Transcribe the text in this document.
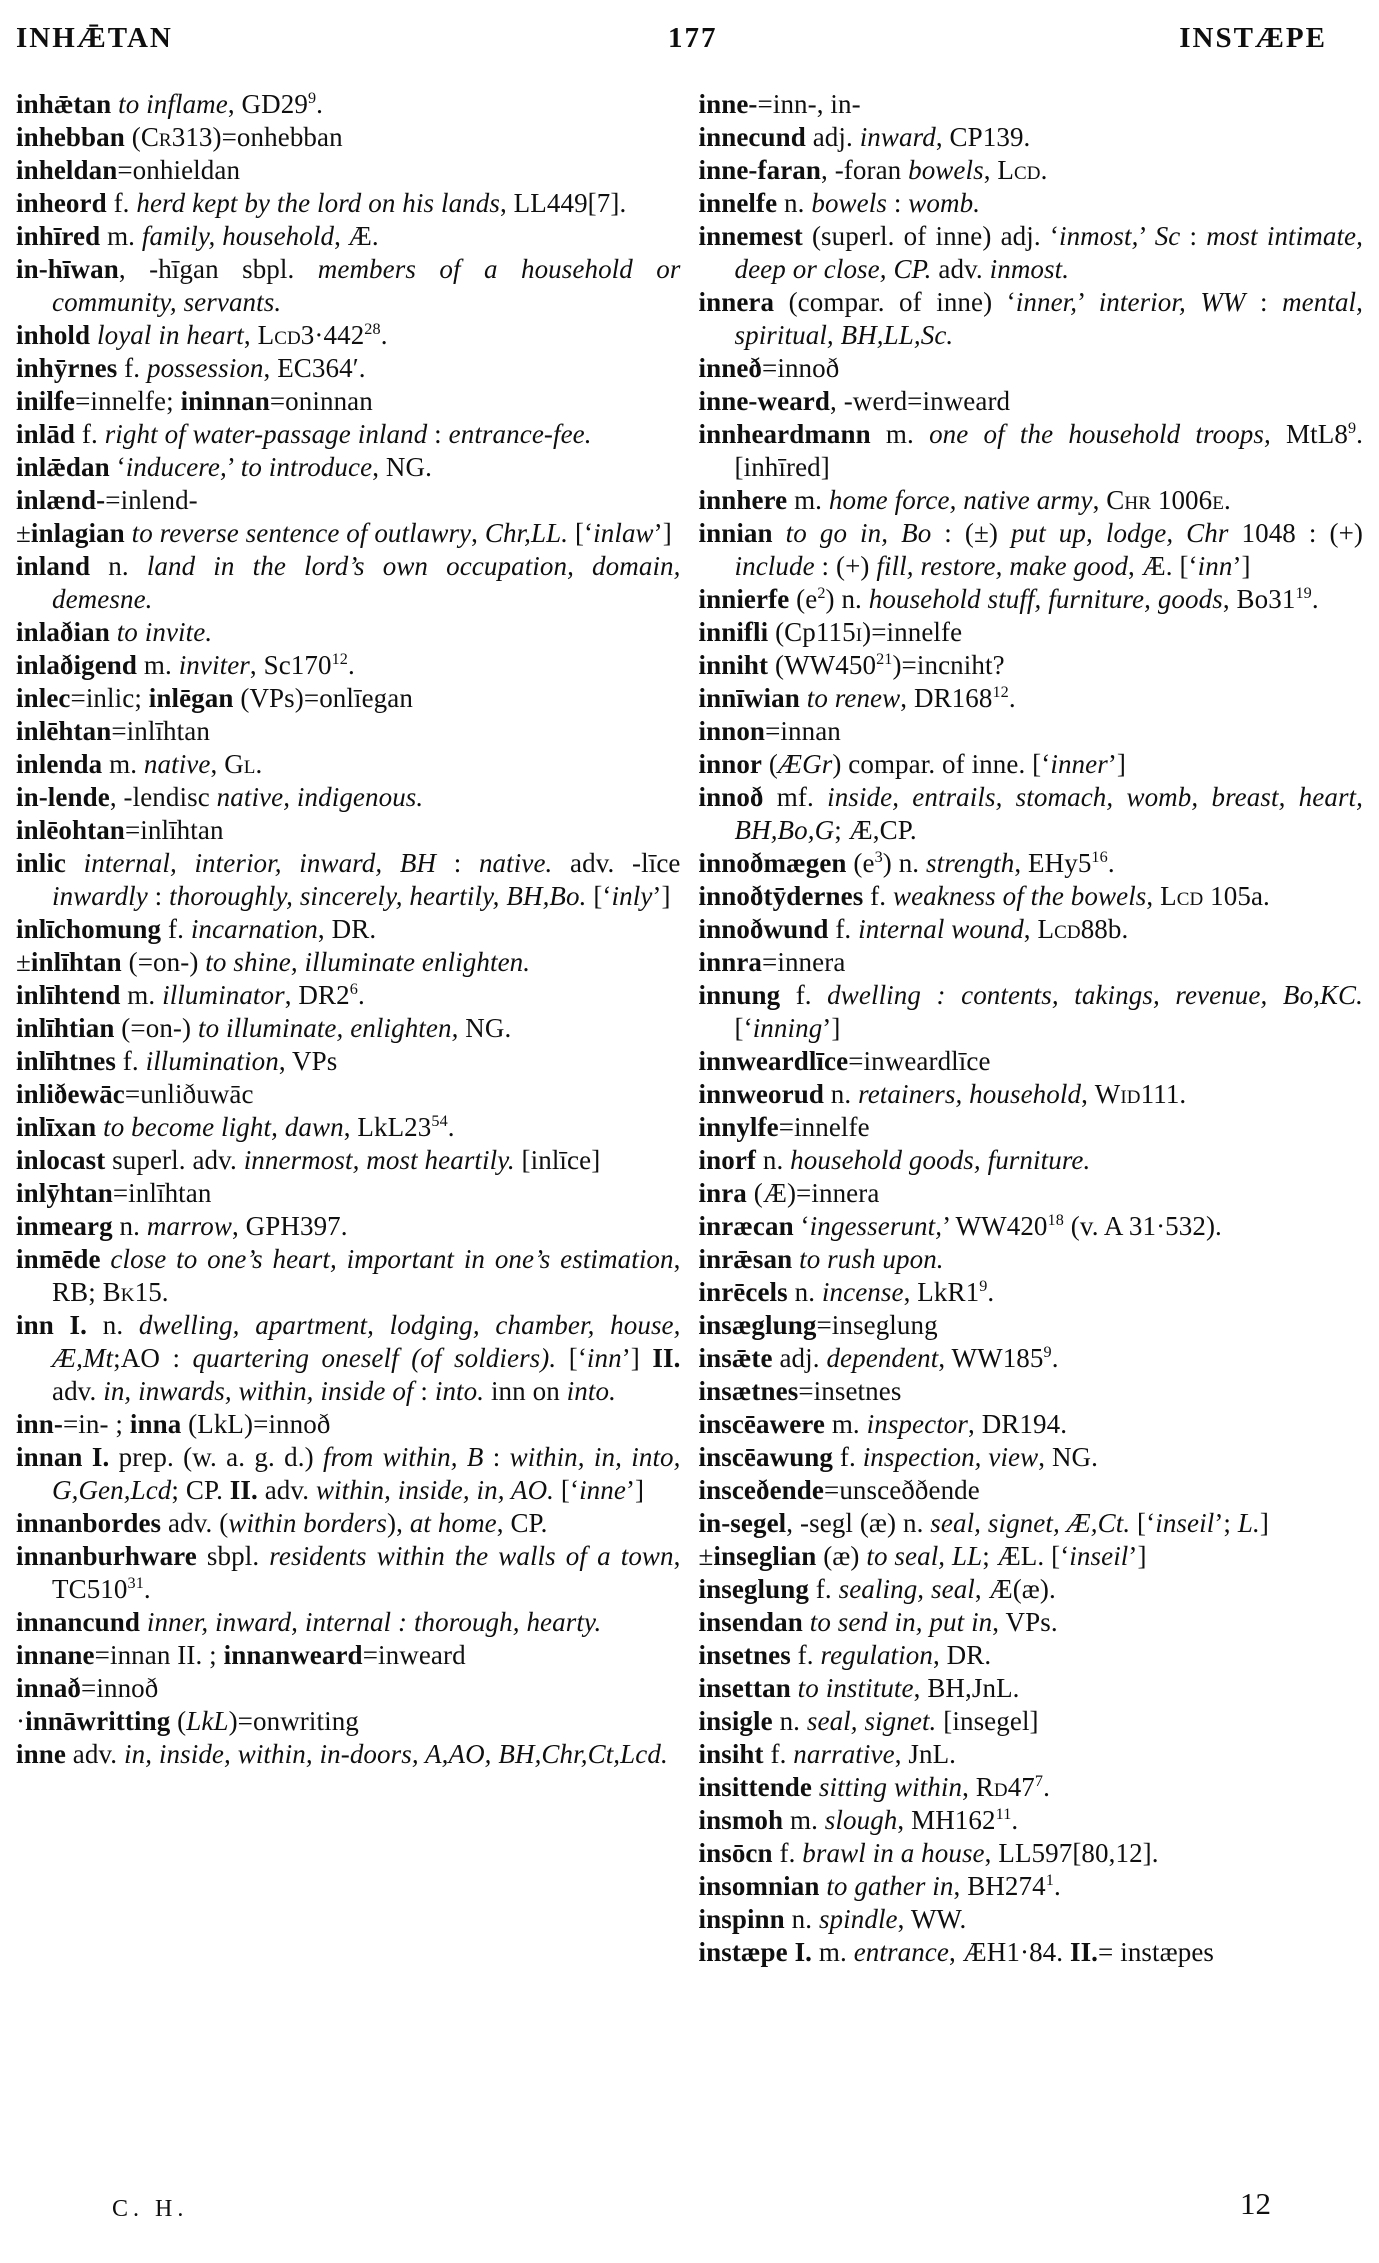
INHǢTAN	177	INSTÆPE

inhǣtan to inflame, $GD29^9$.

inhebban (Cr313)=onhebban

inheldan=onhieldan

inheord f. herd kept by the lord on his lands, LL449[7].

inhīred m. family, household, Æ.

in-hīwan, -hīgan sbpl. members of a household or community, servants.

inhold loyal in heart, $Lcd3\cdot 442^{28}$.

inhȳrnes f. possession, EC364′.

inilfe=innelfe; ininnan=oninnan

inlād f. right of water-passage inland : entrance-fee.

inlǣdan ‘inducere,’ to introduce, NG.

inlænd-=inlend-

±inlagian to reverse sentence of outlawry, Chr,LL. [‘inlaw’]

inland n. land in the lord’s own occupation, domain, demesne.

inlaðian to invite.

inlaðigend m. inviter, $Sc170^{12}$.

inlec=inlic; inlēgan (VPs)=onlīegan

inlēhtan=inlīhtan

inlenda m. native, Gl.

in-lende, -lendisc native, indigenous.

inlēohtan=inlīhtan

inlic internal, interior, inward, BH : native. adv. -līce inwardly : thoroughly, sincerely, heartily, BH,Bo. [‘inly’]

inlīchomung f. incarnation, DR.

±inlīhtan (=on-) to shine, illuminate enlighten.

inlīhtend m. illuminator, $DR2^6$.

inlīhtian (=on-) to illuminate, enlighten, NG.

inlīhtnes f. illumination, VPs

inliðewāc=unliðuwāc

inlīxan to become light, dawn, $LkL23^{54}$.

inlocast superl. adv. innermost, most heartily. [inlīce]

inlȳhtan=inlīhtan

inmearg n. marrow, GPH397.

inmēde close to one’s heart, important in one’s estimation, RB; Bk15.

inn I. n. dwelling, apartment, lodging, chamber, house, Æ,Mt;AO : quartering oneself (of soldiers). [‘inn’] II. adv. in, inwards, within, inside of : into. inn on into.

inn-=in- ; inna (LkL)=innoð

innan I. prep. (w. a. g. d.) from within, B : within, in, into, G,Gen,Lcd; CP. II. adv. within, inside, in, AO. [‘inne’]

innanbordes adv. (within borders), at home, CP.

innanburhware sbpl. residents within the walls of a town, $TC510^{31}$.

innancund inner, inward, internal : thorough, hearty.

innane=innan II. ; innanweard=inweard

innað=innoð

·innāwritting (LkL)=onwriting

inne adv. in, inside, within, in-doors, A,AO, BH,Chr,Ct,Lcd.

inne-=inn-, in-

innecund adj. inward, CP139.

inne-faran, -foran bowels, Lcd.

innelfe n. bowels : womb.

innemest (superl. of inne) adj. ‘inmost,’ Sc : most intimate, deep or close, CP. adv. inmost.

innera (compar. of inne) ‘inner,’ interior, WW : mental, spiritual, BH,LL,Sc.

inneð=innoð

inne-weard, -werd=inweard

innheardmann m. one of the household troops, $MtL8^9$. [inhīred]

innhere m. home force, native army, Chr 1006e.

innian to go in, Bo : (±) put up, lodge, Chr 1048 : (+) include : (+) fill, restore, make good, Æ. [‘inn’]

innierfe $(e^2)$ n. household stuff, furniture, goods, $Bo31^{19}$.

innifli (Cp115i)=innelfe

inniht $(WW450^{21})=incniht$?

innīwian to renew, $DR168^{12}$.

innon=innan

innor (ÆGr) compar. of inne. [‘inner’]

innoð mf. inside, entrails, stomach, womb, breast, heart, BH,Bo,G; Æ,CP.

innoðmægen $(e^3)$ n. strength, $EHy5^{16}$.

innoðtȳdernes f. weakness of the bowels, Lcd 105a.

innoðwund f. internal wound, Lcd88b.

innra=innera

innung f. dwelling : contents, takings, revenue, Bo,KC. [‘inning’]

innweardlīce=inweardlīce

innweorud n. retainers, household, Wid111.

innylfe=innelfe

inorf n. household goods, furniture.

inra (Æ)=innera

inræcan ‘ingesserunt,’ $WW420^{18}$ (v. A 31·532).

inrǣsan to rush upon.

inrēcels n. incense, $LkR1^9$.

insæglung=inseglung

insǣte adj. dependent, $WW185^9$.

insætnes=insetnes

inscēawere m. inspector, DR194.

inscēawung f. inspection, view, NG.

insceðende=unsceððende

in-segel, -segl (æ) n. seal, signet, Æ,Ct. [‘inseil’; L.]

±inseglian (æ) to seal, LL; ÆL. [‘inseil’]

inseglung f. sealing, seal, Æ(æ).

insendan to send in, put in, VPs.

insetnes f. regulation, DR.

insettan to institute, BH,JnL.

insigle n. seal, signet. [insegel]

insiht f. narrative, JnL.

insittende sitting within, $Rd47^7$.

insmoh m. slough, $MH162^{11}$.

insōcn f. brawl in a house, LL597[80,12].

insomnian to gather in, $BH274^1$.

inspinn n. spindle, WW.

instæpe I. m. entrance, ÆH1·84. II.= instæpes

C. H.	12
